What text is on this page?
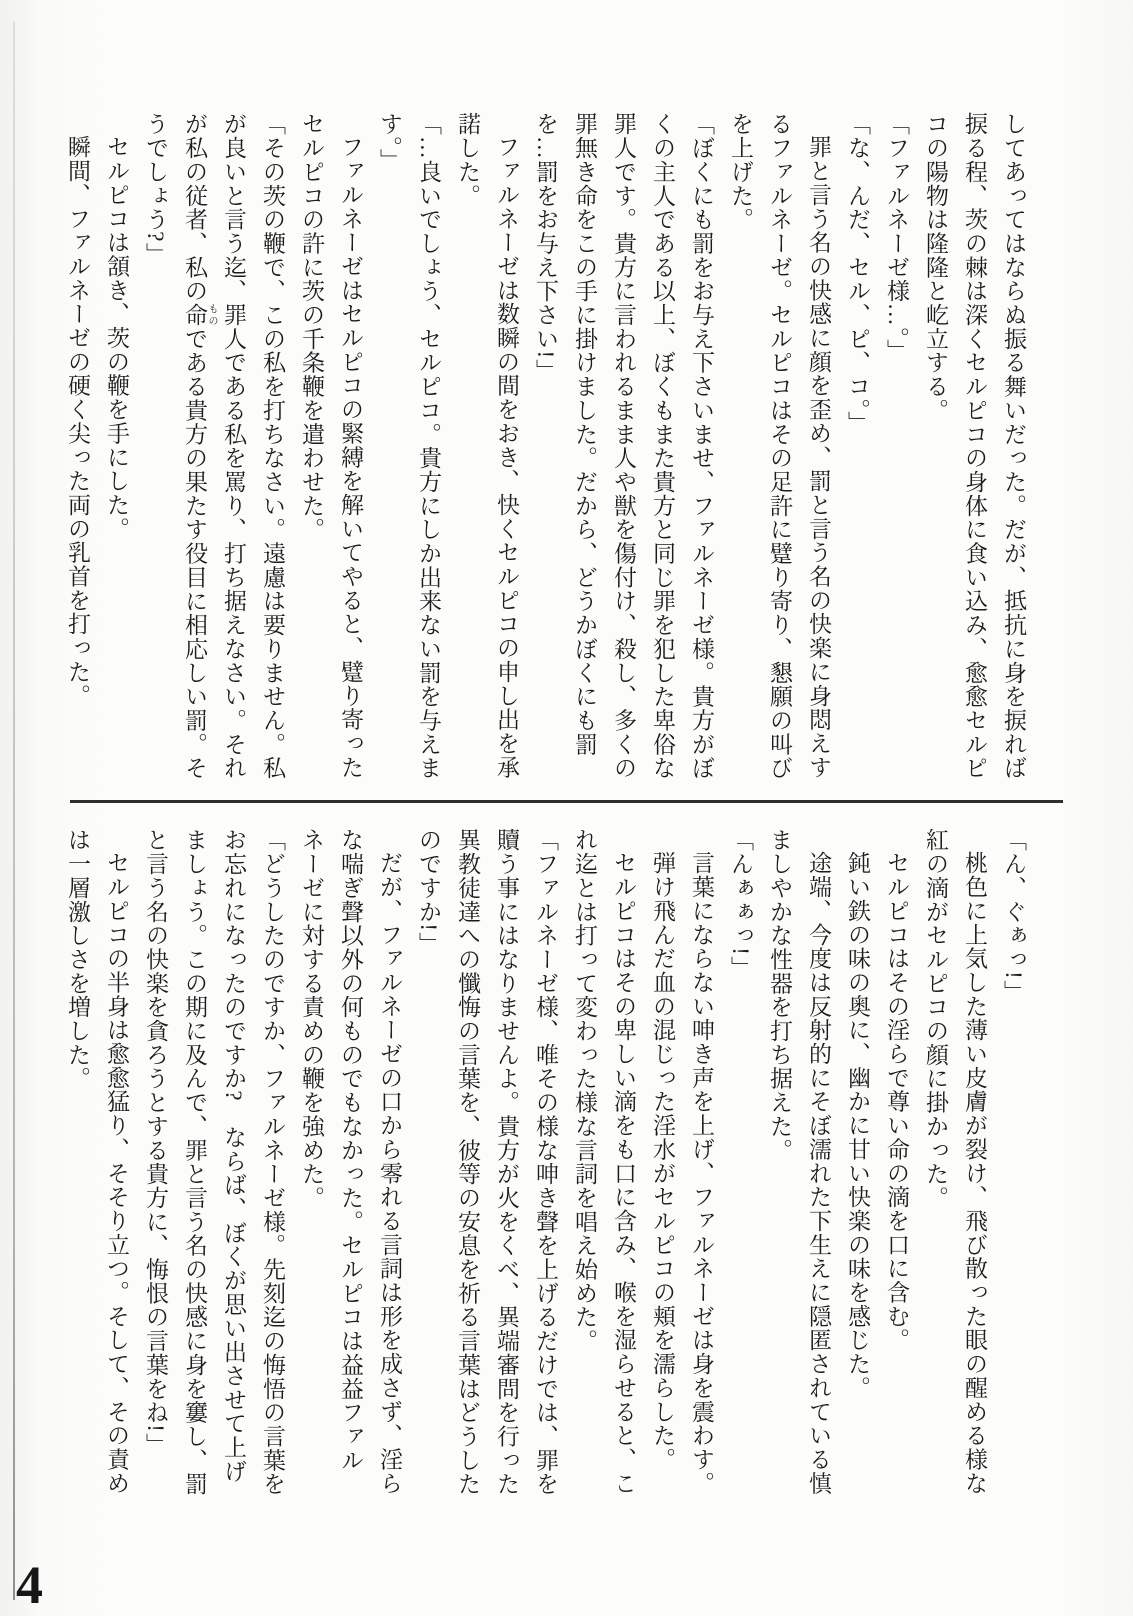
してあってはならぬ振る舞いだった。だが、抵抗に身を捩れば捩る程、茨の棘は深くセルピコの身体に食い込み、愈愈セルピコの陽物は隆隆と屹立する。

「ファルネーゼ様…。」

「な、んだ、セル、ピ、コ。」

罪と言う名の快感に顔を歪め、罰と言う名の快楽に身悶えするファルネーゼ。セルピコはその足許に躄り寄り、懇願の叫びを上げた。

「ぼくにも罰をお与え下さいませ、ファルネーゼ様。貴方がぼくの主人である以上、ぼくもまた貴方と同じ罪を犯した卑俗な罪人です。貴方に言われるまま人や獣を傷付け、殺し、多くの罪無き命をこの手に掛けました。だから、どうかぼくにも罰を…罰をお与え下さい!」

ファルネーゼは数瞬の間をおき、快くセルピコの申し出を承諾した。

「…良いでしょう、セルピコ。貴方にしか出来ない罰を与えます。」

ファルネーゼはセルピコの緊縛を解いてやると、躄り寄ったセルピコの許に茨の千条鞭を遣わせた。

「その茨の鞭で、この私を打ちなさい。遠慮は要りません。私が良いと言う迄、罪人である私を罵り、打ち据えなさい。それが私の従者、私の命 ものである貴方の果たす役目に相応しい罰。そうでしょう?」

セルピコは頷き、茨の鞭を手にした。

瞬間、ファルネーゼの硬く尖った両の乳首を打った。

「ん、ぐぁっ!」

桃色に上気した薄い皮膚が裂け、飛び散った眼の醒める様な紅の滴がセルピコの顔に掛かった。

セルピコはその淫らで尊い命の滴を口に含む。

鈍い鉄の味の奥に、幽かに甘い快楽の味を感じた。

途端、今度は反射的にそぼ濡れた下生えに隠匿されている慎ましやかな性器を打ち据えた。

「んぁぁっ!」

言葉にならない呻き声を上げ、ファルネーゼは身を震わす。

弾け飛んだ血の混じった淫水がセルピコの頬を濡らした。

セルピコはその卑しい滴をも口に含み、喉を湿らせると、これ迄とは打って変わった様な言詞を唱え始めた。

「ファルネーゼ様、唯その様な呻き聲を上げるだけでは、罪を贖う事にはなりませんよ。貴方が火をくべ、異端審問を行った異教徒達への懺悔の言葉を、彼等の安息を祈る言葉はどうしたのですか!」

だが、ファルネーゼの口から零れる言詞は形を成さず、淫らな喘ぎ聲以外の何ものでもなかった。セルピコは益益ファルネーゼに対する責めの鞭を強めた。

「どうしたのですか、ファルネーゼ様。先刻迄の悔悟の言葉をお忘れになったのですか?　ならば、ぼくが思い出させて上げましょう。この期に及んで、罪と言う名の快感に身を窶し、罰と言う名の快楽を貪ろうとする貴方に、悔恨の言葉をね!」

セルピコの半身は愈愈猛り、そそり立つ。そして、その責めは一層激しさを増した。

4
